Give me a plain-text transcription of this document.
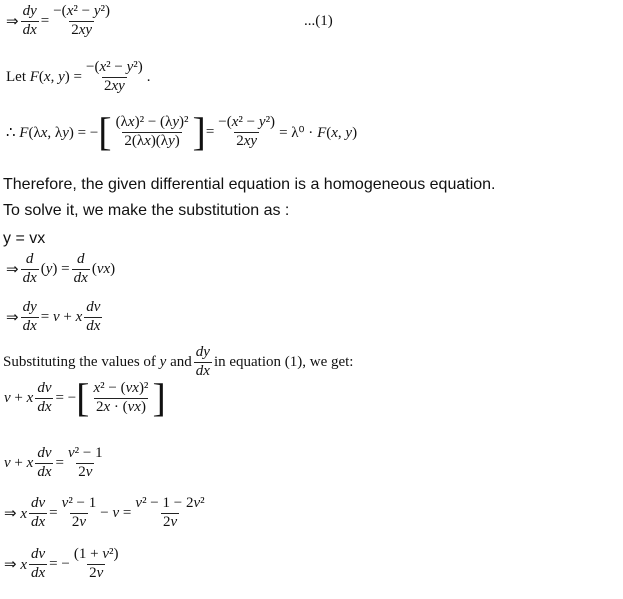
⇒ $\frac{dy}{dx} = \frac{\text{−(x² − y²)}}{2xy}$	...(1)
Let F(x, $y) = \frac{\text{−(x² − y²)}}{2xy}$ .
∴ F(λx, λy) = − [ $\frac{\text{(λx)² − (λy)²}}{2(\lambda x)(\lambda y)}$ ] = $\frac{\text{−(x² − y²)}}{2xy} = \lambda^0 \cdot F(x$, y)
Therefore, the given differential equation is a homogeneous equation.
To solve it, we make the substitution as :
y = vx
⇒ $\frac{d}{dx} (y) = \frac{d}{dx} (vx)$
⇒ $\frac{dy}{dx} = v + x \frac{dv}{dx}$
Substituting the values of y and $\frac{dy}{dx}$ in equation (1), we get:
v + x $\frac{dv}{dx}$ = − [ $\frac{\text{x² − (vx)²}}{2x \cdot (vx)}$ ]
v + x $\frac{dv}{dx} = \frac{\text{v² − 1}}{2v}$
⇒ x $\frac{dv}{dx} = \frac{\text{v² − 1}}{2v} - v = \frac{\text{v² − 1 − 2v²}}{2v}$
⇒ x $\frac{dv}{dx}$ = − $\frac{\text{(1 + v²)}}{2v}$
